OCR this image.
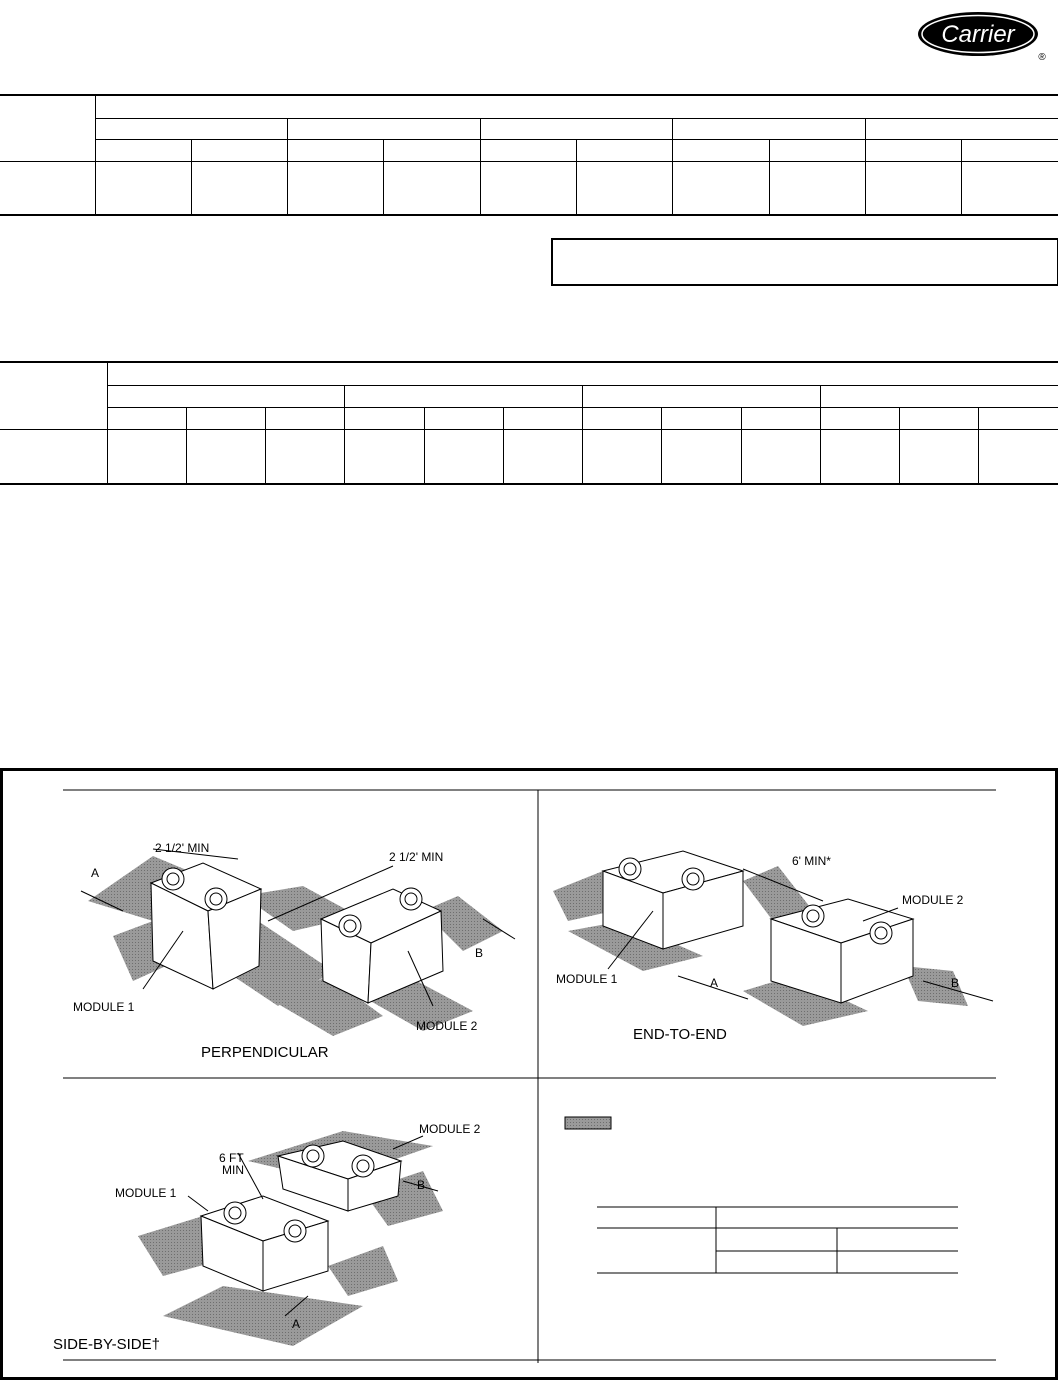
Carrier
®

2 1/2' MIN
2 1/2' MIN
A
B
MODULE 1
MODULE 2
PERPENDICULAR
6' MIN*
MODULE 2
MODULE 1	A	B
END-TO-END
MODULE 2
6 FT
MIN
MODULE 1
B
A
SIDE-BY-SIDE†
